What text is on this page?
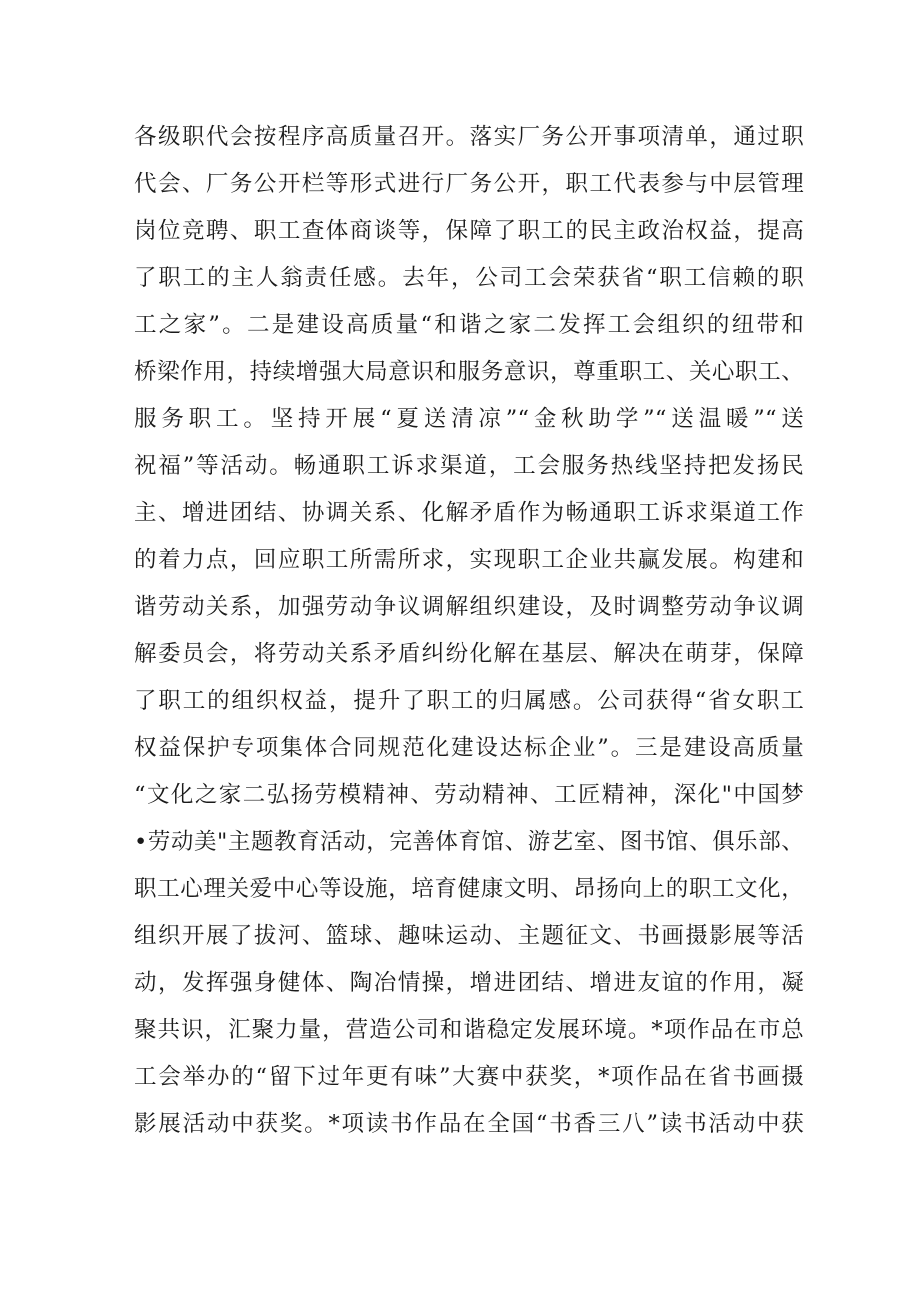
各级职代会按程序高质量召开。落实厂务公开事项清单，通过职
代会、厂务公开栏等形式进行厂务公开，职工代表参与中层管理
岗位竞聘、职工查体商谈等，保障了职工的民主政治权益，提高
了职工的主人翁责任感。去年，公司工会荣获省“职工信赖的职
工之家”。二是建设高质量“和谐之家二发挥工会组织的纽带和
桥梁作用，持续增强大局意识和服务意识，尊重职工、关心职工、
服务职工。坚持开展“夏送清凉”“金秋助学”“送温暖”“送
祝福”等活动。畅通职工诉求渠道，工会服务热线坚持把发扬民
主、增进团结、协调关系、化解矛盾作为畅通职工诉求渠道工作
的着力点，回应职工所需所求，实现职工企业共赢发展。构建和
谐劳动关系，加强劳动争议调解组织建设，及时调整劳动争议调
解委员会，将劳动关系矛盾纠纷化解在基层、解决在萌芽，保障
了职工的组织权益，提升了职工的归属感。公司获得“省女职工
权益保护专项集体合同规范化建设达标企业”。三是建设高质量
“文化之家二弘扬劳模精神、劳动精神、工匠精神，深化"中国梦
•劳动美"主题教育活动，完善体育馆、游艺室、图书馆、俱乐部、
职工心理关爱中心等设施，培育健康文明、昂扬向上的职工文化，
组织开展了拔河、篮球、趣味运动、主题征文、书画摄影展等活
动，发挥强身健体、陶冶情操，增进团结、增进友谊的作用，凝
聚共识，汇聚力量，营造公司和谐稳定发展环境。*项作品在市总
工会举办的“留下过年更有味”大赛中获奖，*项作品在省书画摄
影展活动中获奖。*项读书作品在全国“书香三八”读书活动中获
